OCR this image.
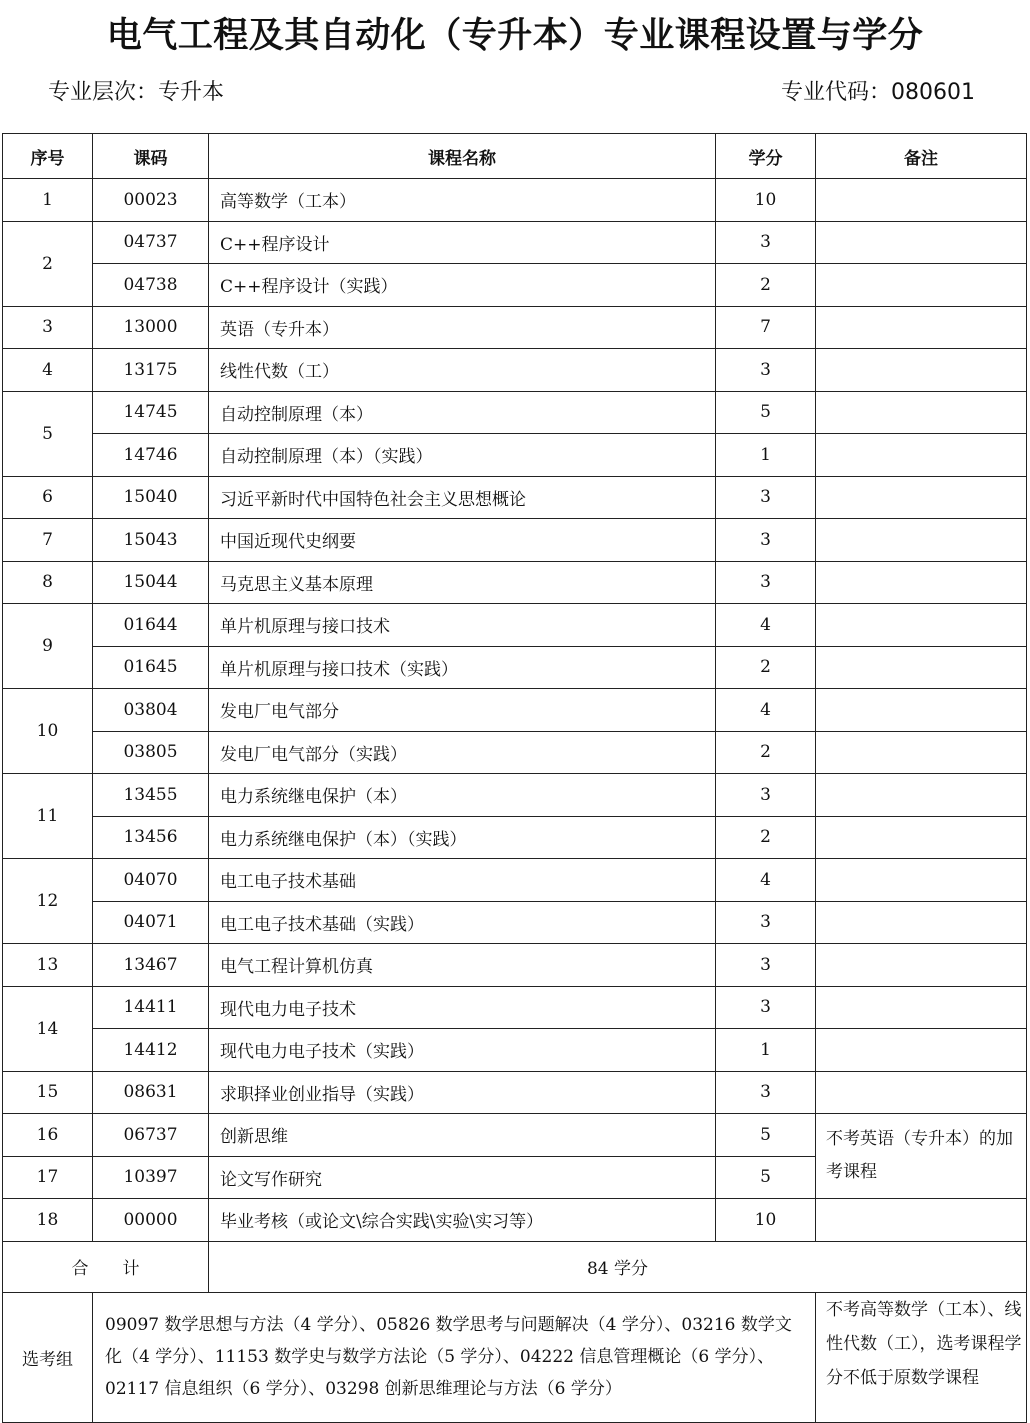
电气工程及其自动化（专升本）专业课程设置与学分
专业层次：专升本	专业代码：080601
序号	课码	课程名称	学分	备注
1	00023	高等数学（工本）	10	
2	04737	C++程序设计	3	
	04738	C++程序设计（实践）	2	
3	13000	英语（专升本）	7	
4	13175	线性代数（工）	3	
5	14745	自动控制原理（本）	5	
	14746	自动控制原理（本）（实践）	1	
6	15040	习近平新时代中国特色社会主义思想概论	3	
7	15043	中国近现代史纲要	3	
8	15044	马克思主义基本原理	3	
9	01644	单片机原理与接口技术	4	
	01645	单片机原理与接口技术（实践）	2	
10	03804	发电厂电气部分	4	
	03805	发电厂电气部分（实践）	2	
11	13455	电力系统继电保护（本）	3	
	13456	电力系统继电保护（本）（实践）	2	
12	04070	电工电子技术基础	4	
	04071	电工电子技术基础（实践）	3	
13	13467	电气工程计算机仿真	3	
14	14411	现代电力电子技术	3	
	14412	现代电力电子技术（实践）	1	
15	08631	求职择业创业指导（实践）	3	
16	06737	创新思维	5	不考英语（专升本）的加考课程
17	10397	论文写作研究	5	
18	00000	毕业考核（或论文\综合实践\实验\实习等）	10	
合　　计		84 学分		
选考组	09097 数学思想与方法（4 学分）、05826 数学思考与问题解决（4 学分）、03216 数学文化（4 学分）、11153 数学史与数学方法论（5 学分）、04222 信息管理概论（6 学分）、02117 信息组织（6 学分）、03298 创新思维理论与方法（6 学分）			不考高等数学（工本）、线性代数（工），选考课程学分不低于原数学课程
